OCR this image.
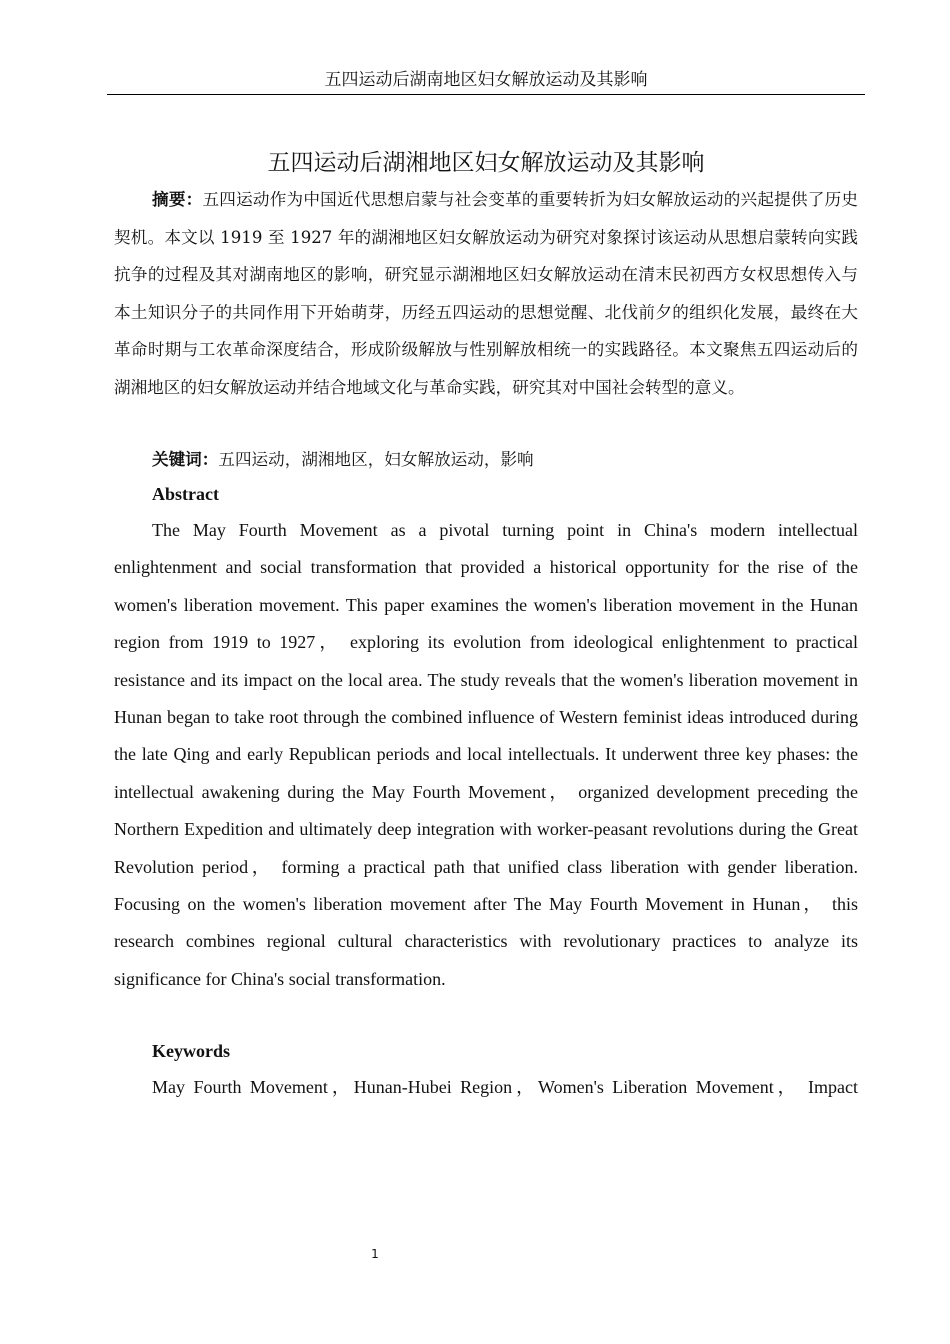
五四运动后湖南地区妇女解放运动及其影响
五四运动后湖湘地区妇女解放运动及其影响

摘要：五四运动作为中国近代思想启蒙与社会变革的重要转折为妇女解放运动的兴起提供了历史契机。本文以 1919 至 1927 年的湖湘地区妇女解放运动为研究对象探讨该运动从思想启蒙转向实践抗争的过程及其对湖南地区的影响，研究显示湖湘地区妇女解放运动在清末民初西方女权思想传入与本土知识分子的共同作用下开始萌芽，历经五四运动的思想觉醒、北伐前夕的组织化发展，最终在大革命时期与工农革命深度结合，形成阶级解放与性别解放相统一的实践路径。本文聚焦五四运动后的湖湘地区的妇女解放运动并结合地域文化与革命实践，研究其对中国社会转型的意义。

关键词：五四运动，湖湘地区，妇女解放运动，影响

Abstract

The May Fourth Movement as a pivotal turning point in China's modern intellectual enlightenment and social transformation that provided a historical opportunity for the rise of the women's liberation movement. This paper examines the women's liberation movement in the Hunan region from 1919 to 1927， exploring its evolution from ideological enlightenment to practical resistance and its impact on the local area. The study reveals that the women's liberation movement in Hunan began to take root through the combined influence of Western feminist ideas introduced during the late Qing and early Republican periods and local intellectuals. It underwent three key phases: the intellectual awakening during the May Fourth Movement， organized development preceding the Northern Expedition and ultimately deep integration with worker-peasant revolutions during the Great Revolution period， forming a practical path that unified class liberation with gender liberation. Focusing on the women's liberation movement after The May Fourth Movement in Hunan， this research combines regional cultural characteristics with revolutionary practices to analyze its significance for China's social transformation.

Keywords

May Fourth Movement，Hunan-Hubei Region，Women's Liberation Movement， Impact

1
